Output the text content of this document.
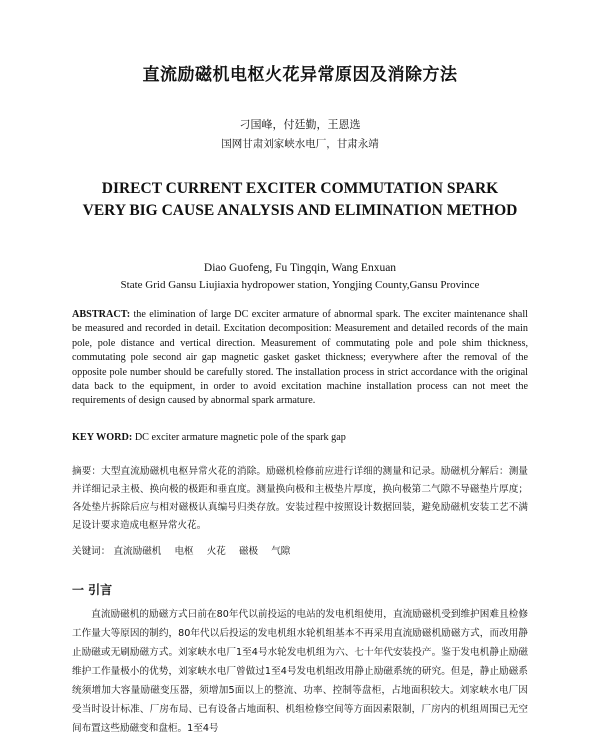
直流励磁机电枢火花异常原因及消除方法
刁国峰，付廷勤，王恩选
国网甘肃刘家峡水电厂，甘肃永靖
DIRECT CURRENT EXCITER COMMUTATION SPARK VERY BIG CAUSE ANALYSIS AND ELIMINATION METHOD
Diao Guofeng, Fu Tingqin, Wang Enxuan
State Grid Gansu Liujiaxia hydropower station, Yongjing County,Gansu Province

ABSTRACT: the elimination of large DC exciter armature of abnormal spark. The exciter maintenance shall be measured and recorded in detail. Excitation decomposition: Measurement and detailed records of the main pole, pole distance and vertical direction. Measurement of commutating pole and pole shim thickness, commutating pole second air gap magnetic gasket gasket thickness; everywhere after the removal of the opposite pole number should be carefully stored. The installation process in strict accordance with the original data back to the equipment, in order to avoid excitation machine installation process can not meet the requirements of design caused by abnormal spark armature.

KEY WORD: DC exciter armature magnetic pole of the spark gap

摘要：大型直流励磁机电枢异常火花的消除。励磁机检修前应进行详细的测量和记录。励磁机分解后：测量并详细记录主极、换向极的极距和垂直度。测量换向极和主极垫片厚度，换向极第二气隙不导磁垫片厚度；各处垫片拆除后应与相对磁极认真编号归类存放。安装过程中按照设计数据回装，避免励磁机安装工艺不满足设计要求造成电枢异常火花。

关键词： 直流励磁机 电枢 火花 磁极 气隙

一 引言

直流励磁机的励磁方式曰前在80年代以前投运的电站的发电机组使用，直流励磁机受到维护困难且检修工作量大等原因的制约，80年代以后投运的发电机组水轮机组基本不再采用直流励磁机励磁方式，而改用静止励磁或无刷励磁方式。刘家峡水电厂1至4号水轮发电机组为六、七十年代安装投产。鉴于发电机静止励磁维护工作量极小的优势，刘家峡水电厂曾做过1至4号发电机组改用静止励磁系统的研究。但是，静止励磁系统须增加大容量励磁变压器，须增加5面以上的整流、功率、控制等盘柜，占地面积较大。刘家峡水电厂因受当时设计标准、厂房布局、已有设备占地面积、机组检修空间等方面因素限制，厂房内的机组周围已无空间布置这些励磁变和盘柜。1至4号
